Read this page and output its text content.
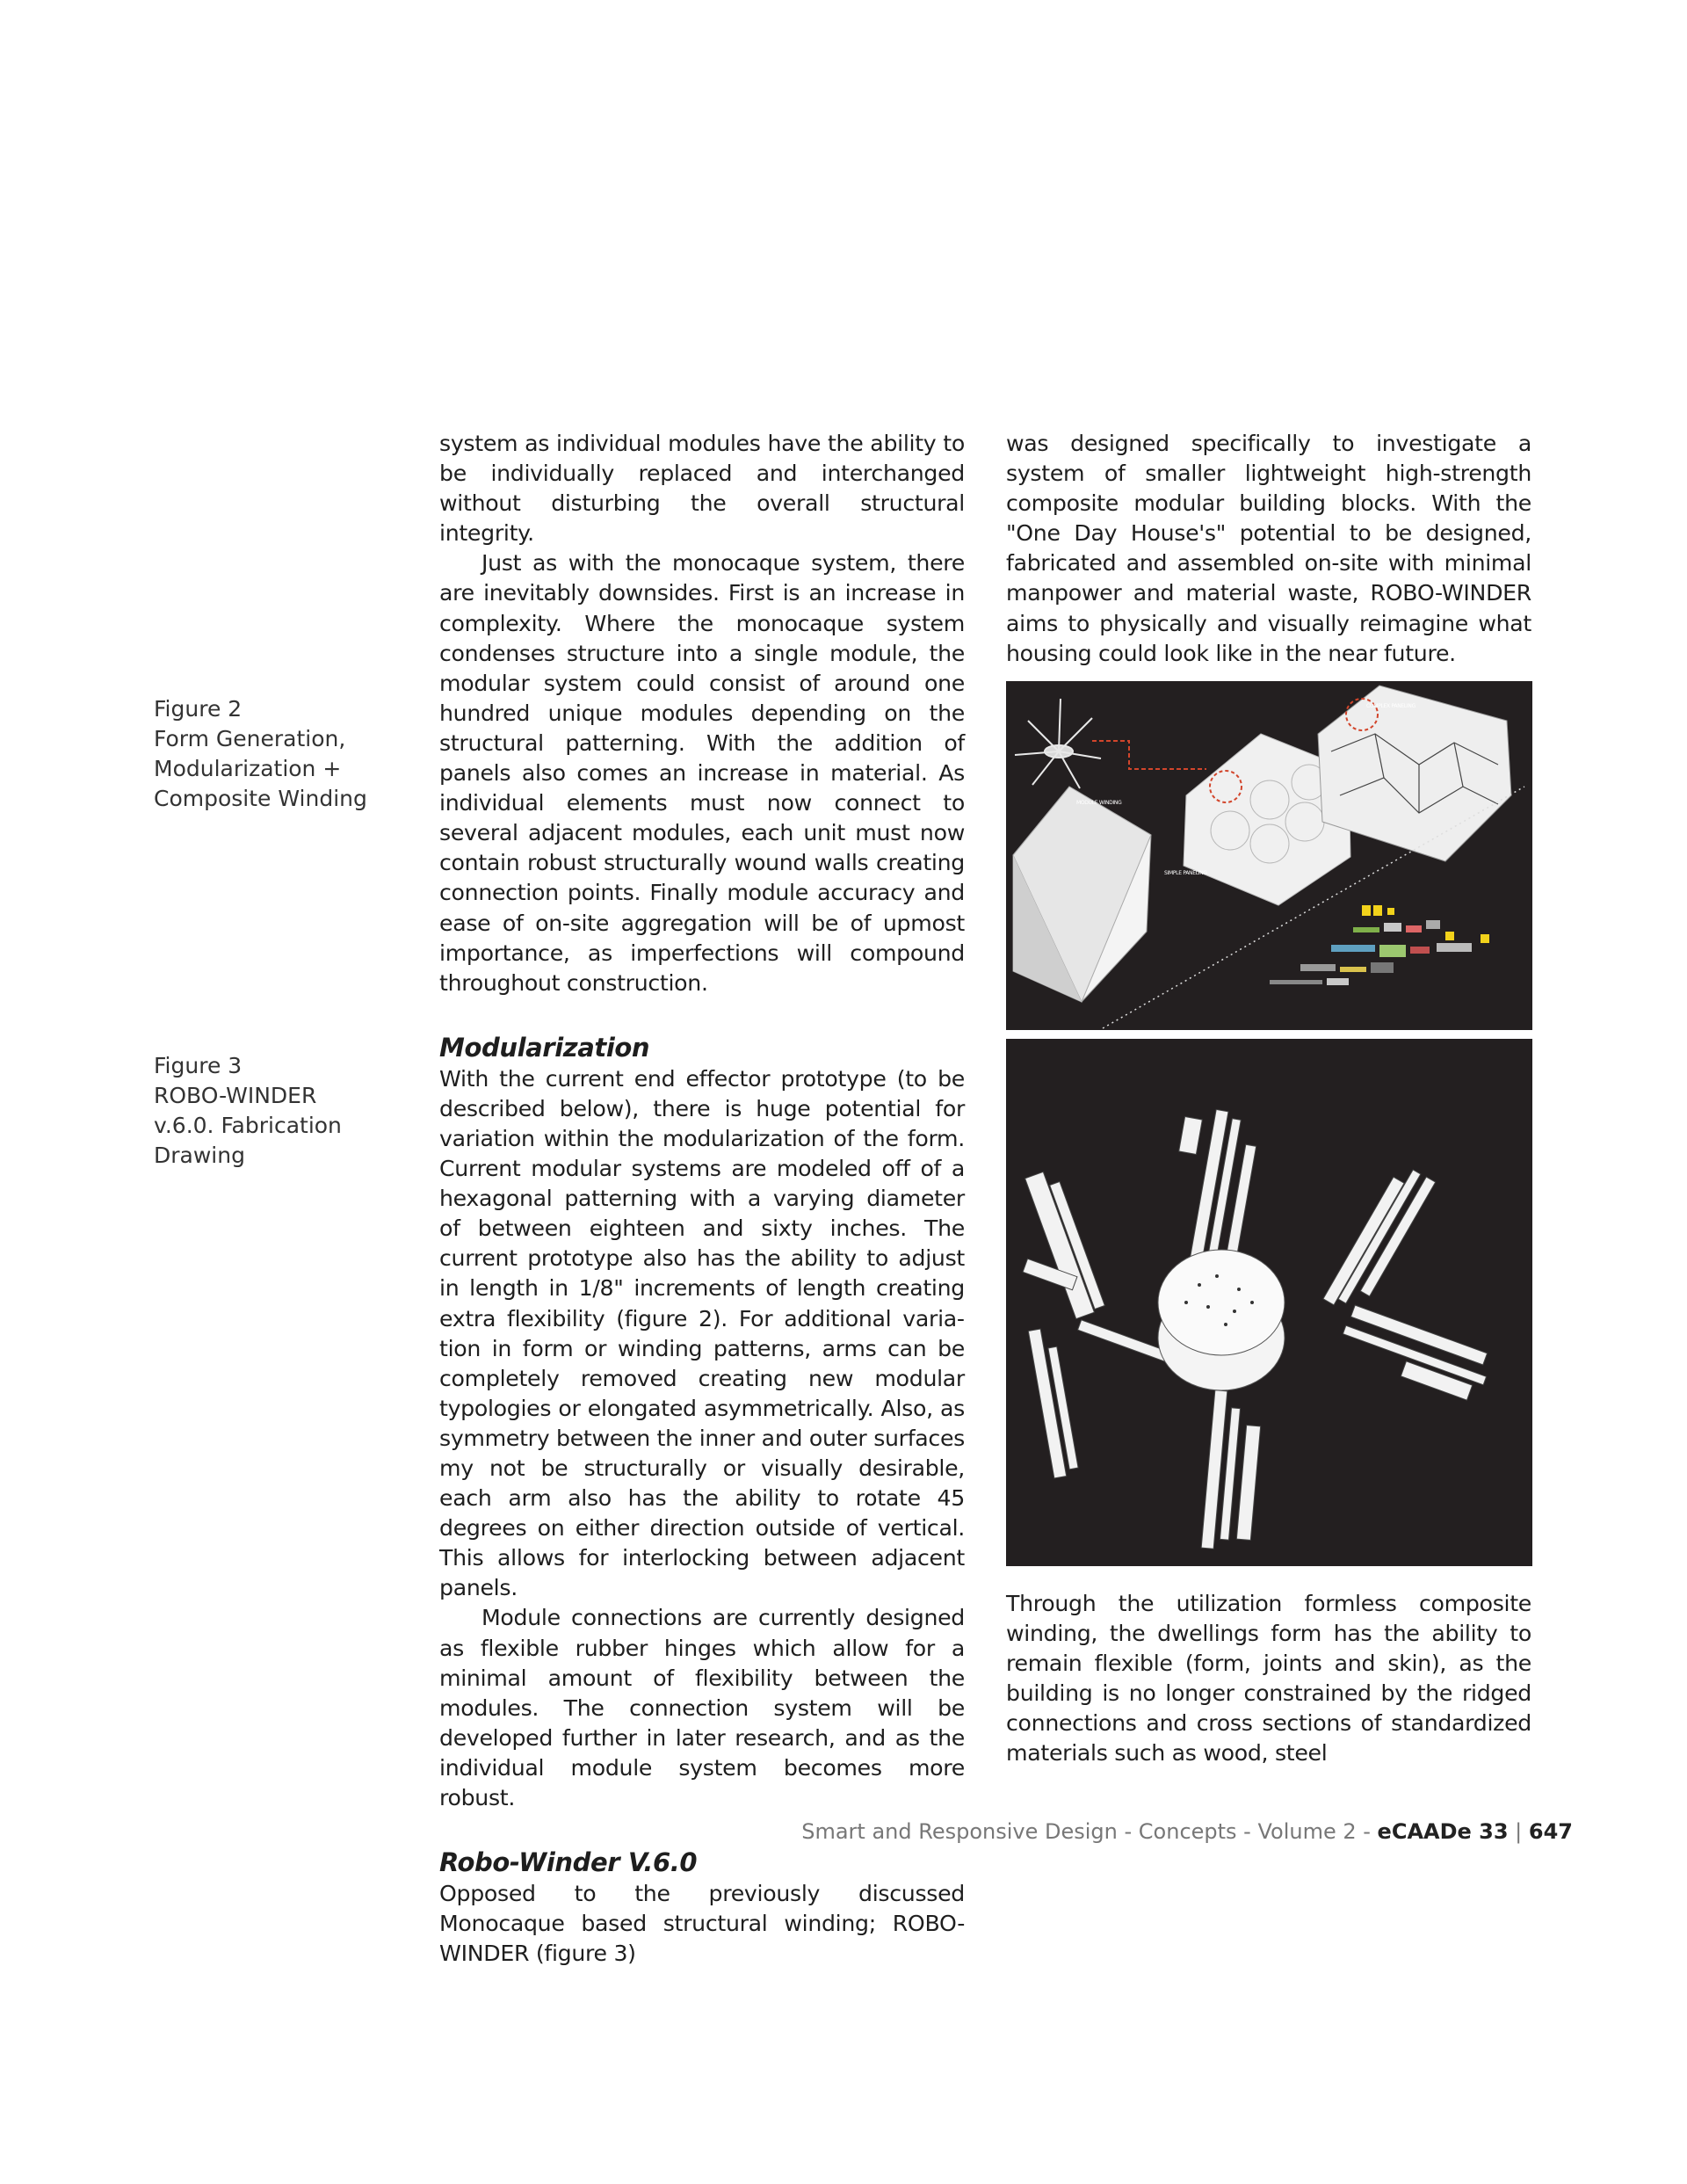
Figure 2
Form Generation,
Modularization +
Composite Winding
Figure 3
ROBO-WINDER
v.6.0. Fabrication
Drawing

system as individual modules have the ability to be individually replaced and interchanged without disturbing the overall structural integrity.

Just as with the monocaque system, there are inevitably downsides. First is an increase in complexity. Where the monocaque system condenses structure into a single module, the modular system could consist of around one hundred unique modules depending on the structural patterning. With the addition of panels also comes an increase in material. As individual elements must now connect to several adjacent modules, each unit must now contain robust structurally wound walls creating connection points. Finally module accuracy and ease of on-site aggregation will be of upmost importance, as imperfections will compound throughout construction.

Modularization

With the current end effector prototype (to be described below), there is huge potential for variation within the modularization of the form. Current modular systems are modeled off of a hexagonal patterning with a varying diameter of between eighteen and sixty inches. The current prototype also has the ability to adjust in length in 1/8" increments of length creating extra flexibility (figure 2). For additional variation in form or winding patterns, arms can be completely removed creating new modular typologies or elongated asymmetrically. Also, as symmetry between the inner and outer surfaces my not be structurally or visually desirable, each arm also has the ability to rotate 45 degrees on either direction outside of vertical. This allows for interlocking between adjacent panels.

Module connections are currently designed as flexible rubber hinges which allow for a minimal amount of flexibility between the modules. The connection system will be developed further in later research, and as the individual module system becomes more robust.

Robo-Winder V.6.0

Opposed to the previously discussed Monocaque based structural winding; ROBO-WINDER (figure 3)

was designed specifically to investigate a system of smaller lightweight high-strength composite modular building blocks. With the "One Day House's" potential to be designed, fabricated and assembled on-site with minimal manpower and material waste, ROBO-WINDER aims to physically and visually reimagine what housing could look like in the near future.

COMPLEX PANELING
MODULE WINDING
SIMPLE PANELING

Through the utilization formless composite winding, the dwellings form has the ability to remain flexible (form, joints and skin), as the building is no longer constrained by the ridged connections and cross sections of standardized materials such as wood, steel

Smart and Responsive Design - Concepts - Volume 2 - eCAADe 33 | 647
